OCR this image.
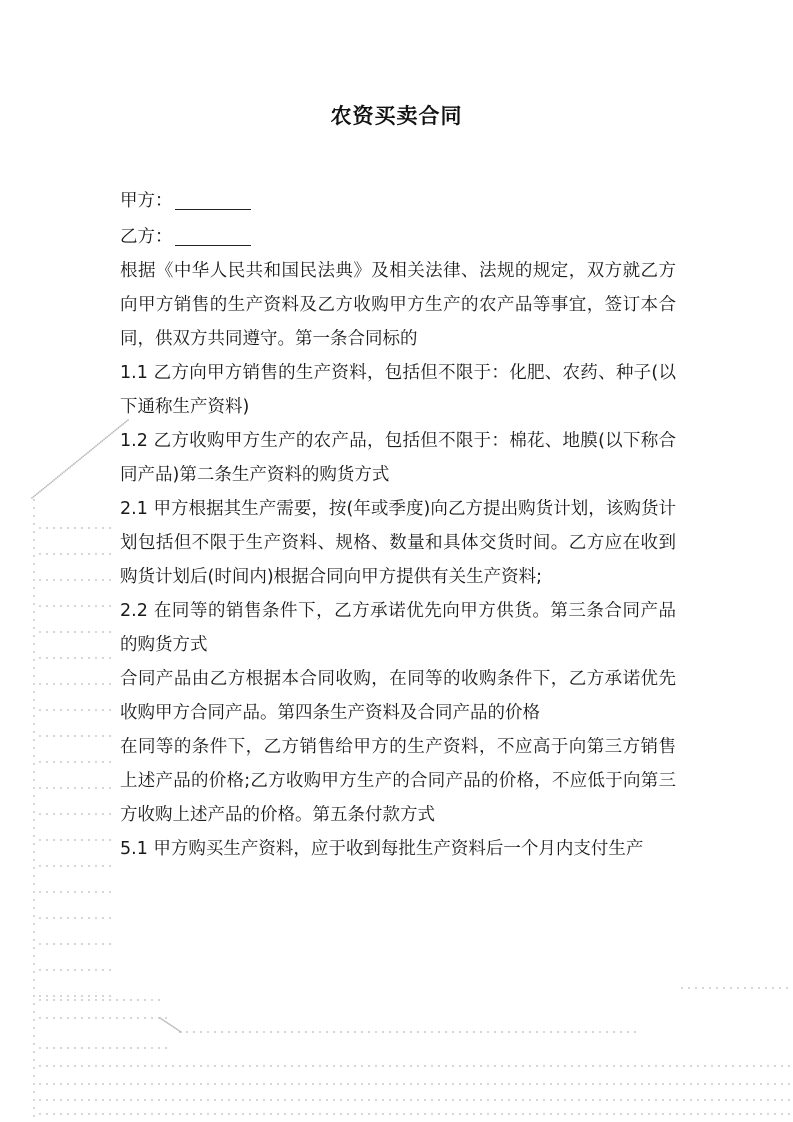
农资买卖合同

甲方：

乙方：

根据《中华人民共和国民法典》及相关法律、法规的规定，双方就乙方向甲方销售的生产资料及乙方收购甲方生产的农产品等事宜，签订本合同，供双方共同遵守。第一条合同标的

1.1 乙方向甲方销售的生产资料，包括但不限于：化肥、农药、种子(以下通称生产资料)

1.2 乙方收购甲方生产的农产品，包括但不限于：棉花、地膜(以下称合同产品)第二条生产资料的购货方式

2.1 甲方根据其生产需要，按(年或季度)向乙方提出购货计划，该购货计划包括但不限于生产资料、规格、数量和具体交货时间。乙方应在收到购货计划后(时间内)根据合同向甲方提供有关生产资料;

2.2 在同等的销售条件下，乙方承诺优先向甲方供货。第三条合同产品的购货方式

合同产品由乙方根据本合同收购，在同等的收购条件下，乙方承诺优先收购甲方合同产品。第四条生产资料及合同产品的价格

在同等的条件下，乙方销售给甲方的生产资料，不应高于向第三方销售上述产品的价格;乙方收购甲方生产的合同产品的价格，不应低于向第三方收购上述产品的价格。第五条付款方式

5.1 甲方购买生产资料，应于收到每批生产资料后一个月内支付生产
